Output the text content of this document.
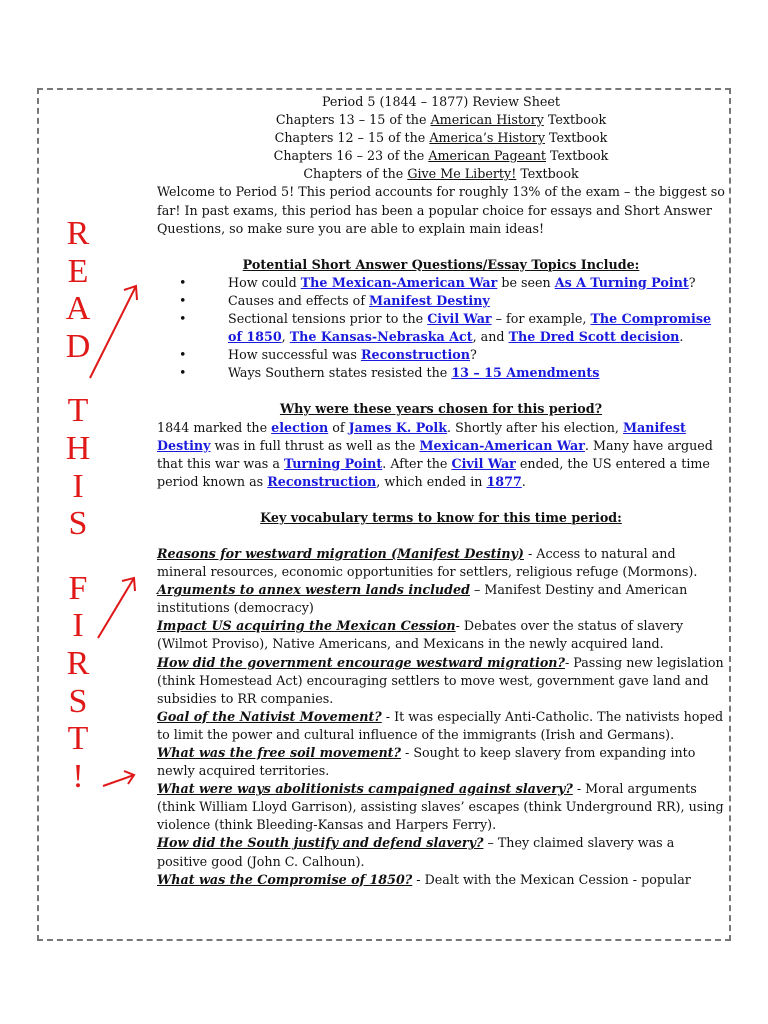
R
E
A
D
T
H
I
S
F
I
R
S
T
!
Period 5 (1844 – 1877) Review Sheet
Chapters 13 – 15 of the American History Textbook
Chapters 12 – 15 of the America’s History Textbook
Chapters 16 – 23 of the American Pageant Textbook
Chapters of the Give Me Liberty! Textbook

Welcome to Period 5! This period accounts for roughly 13% of the exam – the biggest so far! In past exams, this period has been a popular choice for essays and Short Answer Questions, so make sure you are able to explain main ideas!

Potential Short Answer Questions/Essay Topics Include:
• How could The Mexican-American War be seen As A Turning Point?
• Causes and effects of Manifest Destiny
• Sectional tensions prior to the Civil War – for example, The Compromise of 1850, The Kansas-Nebraska Act, and The Dred Scott decision.
• How successful was Reconstruction?
• Ways Southern states resisted the 13 – 15 Amendments
Why were these years chosen for this period?

1844 marked the election of James K. Polk. Shortly after his election, Manifest Destiny was in full thrust as well as the Mexican-American War. Many have argued that this war was a Turning Point. After the Civil War ended, the US entered a time period known as Reconstruction, which ended in 1877.

Key vocabulary terms to know for this time period:
Reasons for westward migration (Manifest Destiny) - Access to natural and mineral resources, economic opportunities for settlers, religious refuge (Mormons).
Arguments to annex western lands included – Manifest Destiny and American institutions (democracy)
Impact US acquiring the Mexican Cession- Debates over the status of slavery (Wilmot Proviso), Native Americans, and Mexicans in the newly acquired land.
How did the government encourage westward migration?- Passing new legislation (think Homestead Act) encouraging settlers to move west, government gave land and subsidies to RR companies.
Goal of the Nativist Movement? - It was especially Anti-Catholic. The nativists hoped to limit the power and cultural influence of the immigrants (Irish and Germans).
What was the free soil movement? - Sought to keep slavery from expanding into newly acquired territories.
What were ways abolitionists campaigned against slavery? - Moral arguments (think William Lloyd Garrison), assisting slaves’ escapes (think Underground RR), using violence (think Bleeding-Kansas and Harpers Ferry).
How did the South justify and defend slavery? – They claimed slavery was a positive good (John C. Calhoun).
What was the Compromise of 1850? - Dealt with the Mexican Cession - popular
